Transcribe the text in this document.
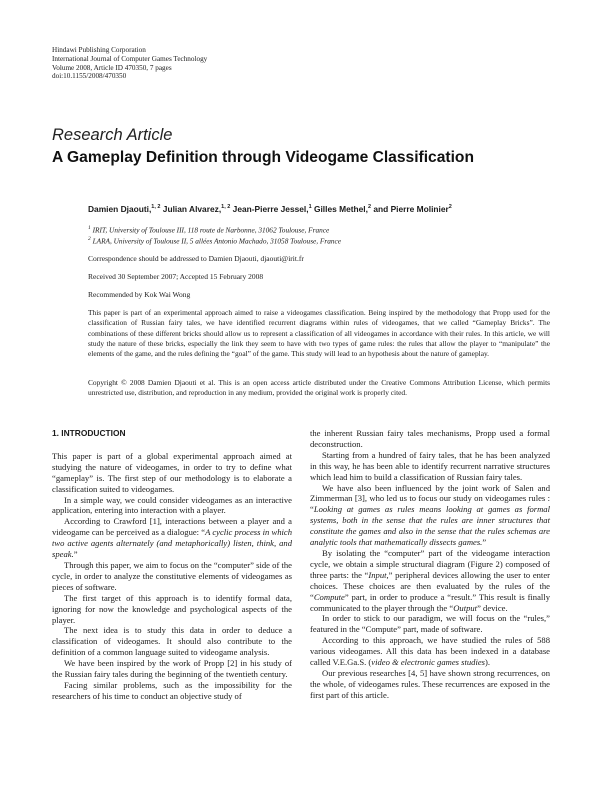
Hindawi Publishing Corporation
International Journal of Computer Games Technology
Volume 2008, Article ID 470350, 7 pages
doi:10.1155/2008/470350
Research Article
A Gameplay Definition through Videogame Classification
Damien Djaouti,$^{1, 2}$ Julian Alvarez,$^{1, 2}$ Jean-Pierre Jessel,$^1$ Gilles Methel,$^2$ and Pierre Molinier$^2$
$^1$ IRIT, University of Toulouse III, 118 route de Narbonne, 31062 Toulouse, France
$^2$ LARA, University of Toulouse II, 5 allées Antonio Machado, 31058 Toulouse, France
Correspondence should be addressed to Damien Djaouti, djaouti@irit.fr
Received 30 September 2007; Accepted 15 February 2008
Recommended by Kok Wai Wong
This paper is part of an experimental approach aimed to raise a videogames classification. Being inspired by the methodology that Propp used for the classification of Russian fairy tales, we have identified recurrent diagrams within rules of videogames, that we called “Gameplay Bricks”. The combinations of these different bricks should allow us to represent a classification of all videogames in accordance with their rules. In this article, we will study the nature of these bricks, especially the link they seem to have with two types of game rules: the rules that allow the player to “manipulate” the elements of the game, and the rules defining the “goal” of the game. This study will lead to an hypothesis about the nature of gameplay.
Copyright © 2008 Damien Djaouti et al. This is an open access article distributed under the Creative Commons Attribution License, which permits unrestricted use, distribution, and reproduction in any medium, provided the original work is properly cited.
1. INTRODUCTION

This paper is part of a global experimental approach aimed at studying the nature of videogames, in order to try to define what “gameplay” is. The first step of our methodology is to elaborate a classification suited to videogames.

In a simple way, we could consider videogames as an interactive application, entering into interaction with a player.

According to Crawford [1], interactions between a player and a videogame can be perceived as a dialogue: “A cyclic process in which two active agents alternately (and metaphorically) listen, think, and speak.”

Through this paper, we aim to focus on the “computer” side of the cycle, in order to analyze the constitutive elements of videogames as pieces of software.

The first target of this approach is to identify formal data, ignoring for now the knowledge and psychological aspects of the player.

The next idea is to study this data in order to deduce a classification of videogames. It should also contribute to the definition of a common language suited to videogame analysis.

We have been inspired by the work of Propp [2] in his study of the Russian fairy tales during the beginning of the twentieth century.

Facing similar problems, such as the impossibility for the researchers of his time to conduct an objective study of

the inherent Russian fairy tales mechanisms, Propp used a formal deconstruction.

Starting from a hundred of fairy tales, that he has been analyzed in this way, he has been able to identify recurrent narrative structures which lead him to build a classification of Russian fairy tales.

We have also been influenced by the joint work of Salen and Zimmerman [3], who led us to focus our study on videogames rules : “Looking at games as rules means looking at games as formal systems, both in the sense that the rules are inner structures that constitute the games and also in the sense that the rules schemas are analytic tools that mathematically dissects games.”

By isolating the “computer” part of the videogame interaction cycle, we obtain a simple structural diagram (Figure 2) composed of three parts: the “Input,” peripheral devices allowing the user to enter choices. These choices are then evaluated by the rules of the “Compute” part, in order to produce a “result.” This result is finally communicated to the player through the “Output” device.

In order to stick to our paradigm, we will focus on the “rules,” featured in the “Compute” part, made of software.

According to this approach, we have studied the rules of 588 various videogames. All this data has been indexed in a database called V.E.Ga.S. (video & electronic games studies).

Our previous researches [4, 5] have shown strong recurrences, on the whole, of videogames rules. These recurrences are exposed in the first part of this article.
